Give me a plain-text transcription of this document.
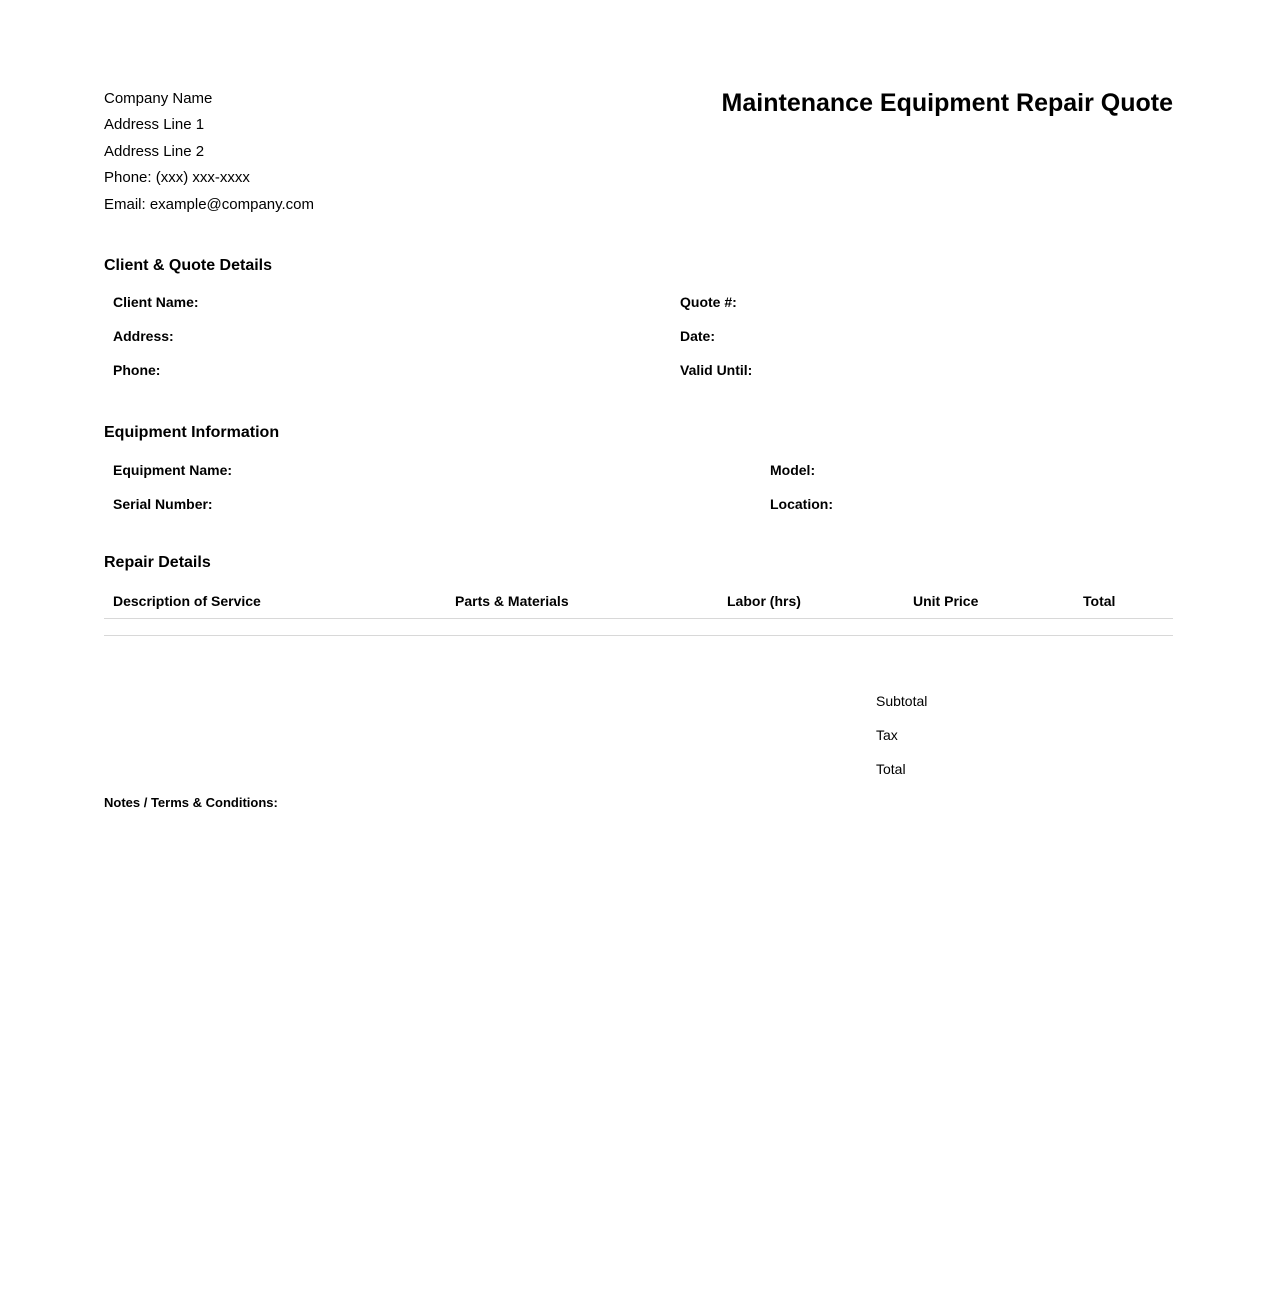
Company Name
Address Line 1
Address Line 2
Phone: (xxx) xxx-xxxx
Email: example@company.com
Maintenance Equipment Repair Quote
Client & Quote Details
Client Name:	Quote #:
Address:	Date:
Phone:	Valid Until:
Equipment Information
Equipment Name:	Model:
Serial Number:	Location:
Repair Details
Description of Service	Parts & Materials	Labor (hrs)	Unit Price	Total

Subtotal
Tax
Total
Notes / Terms & Conditions:
